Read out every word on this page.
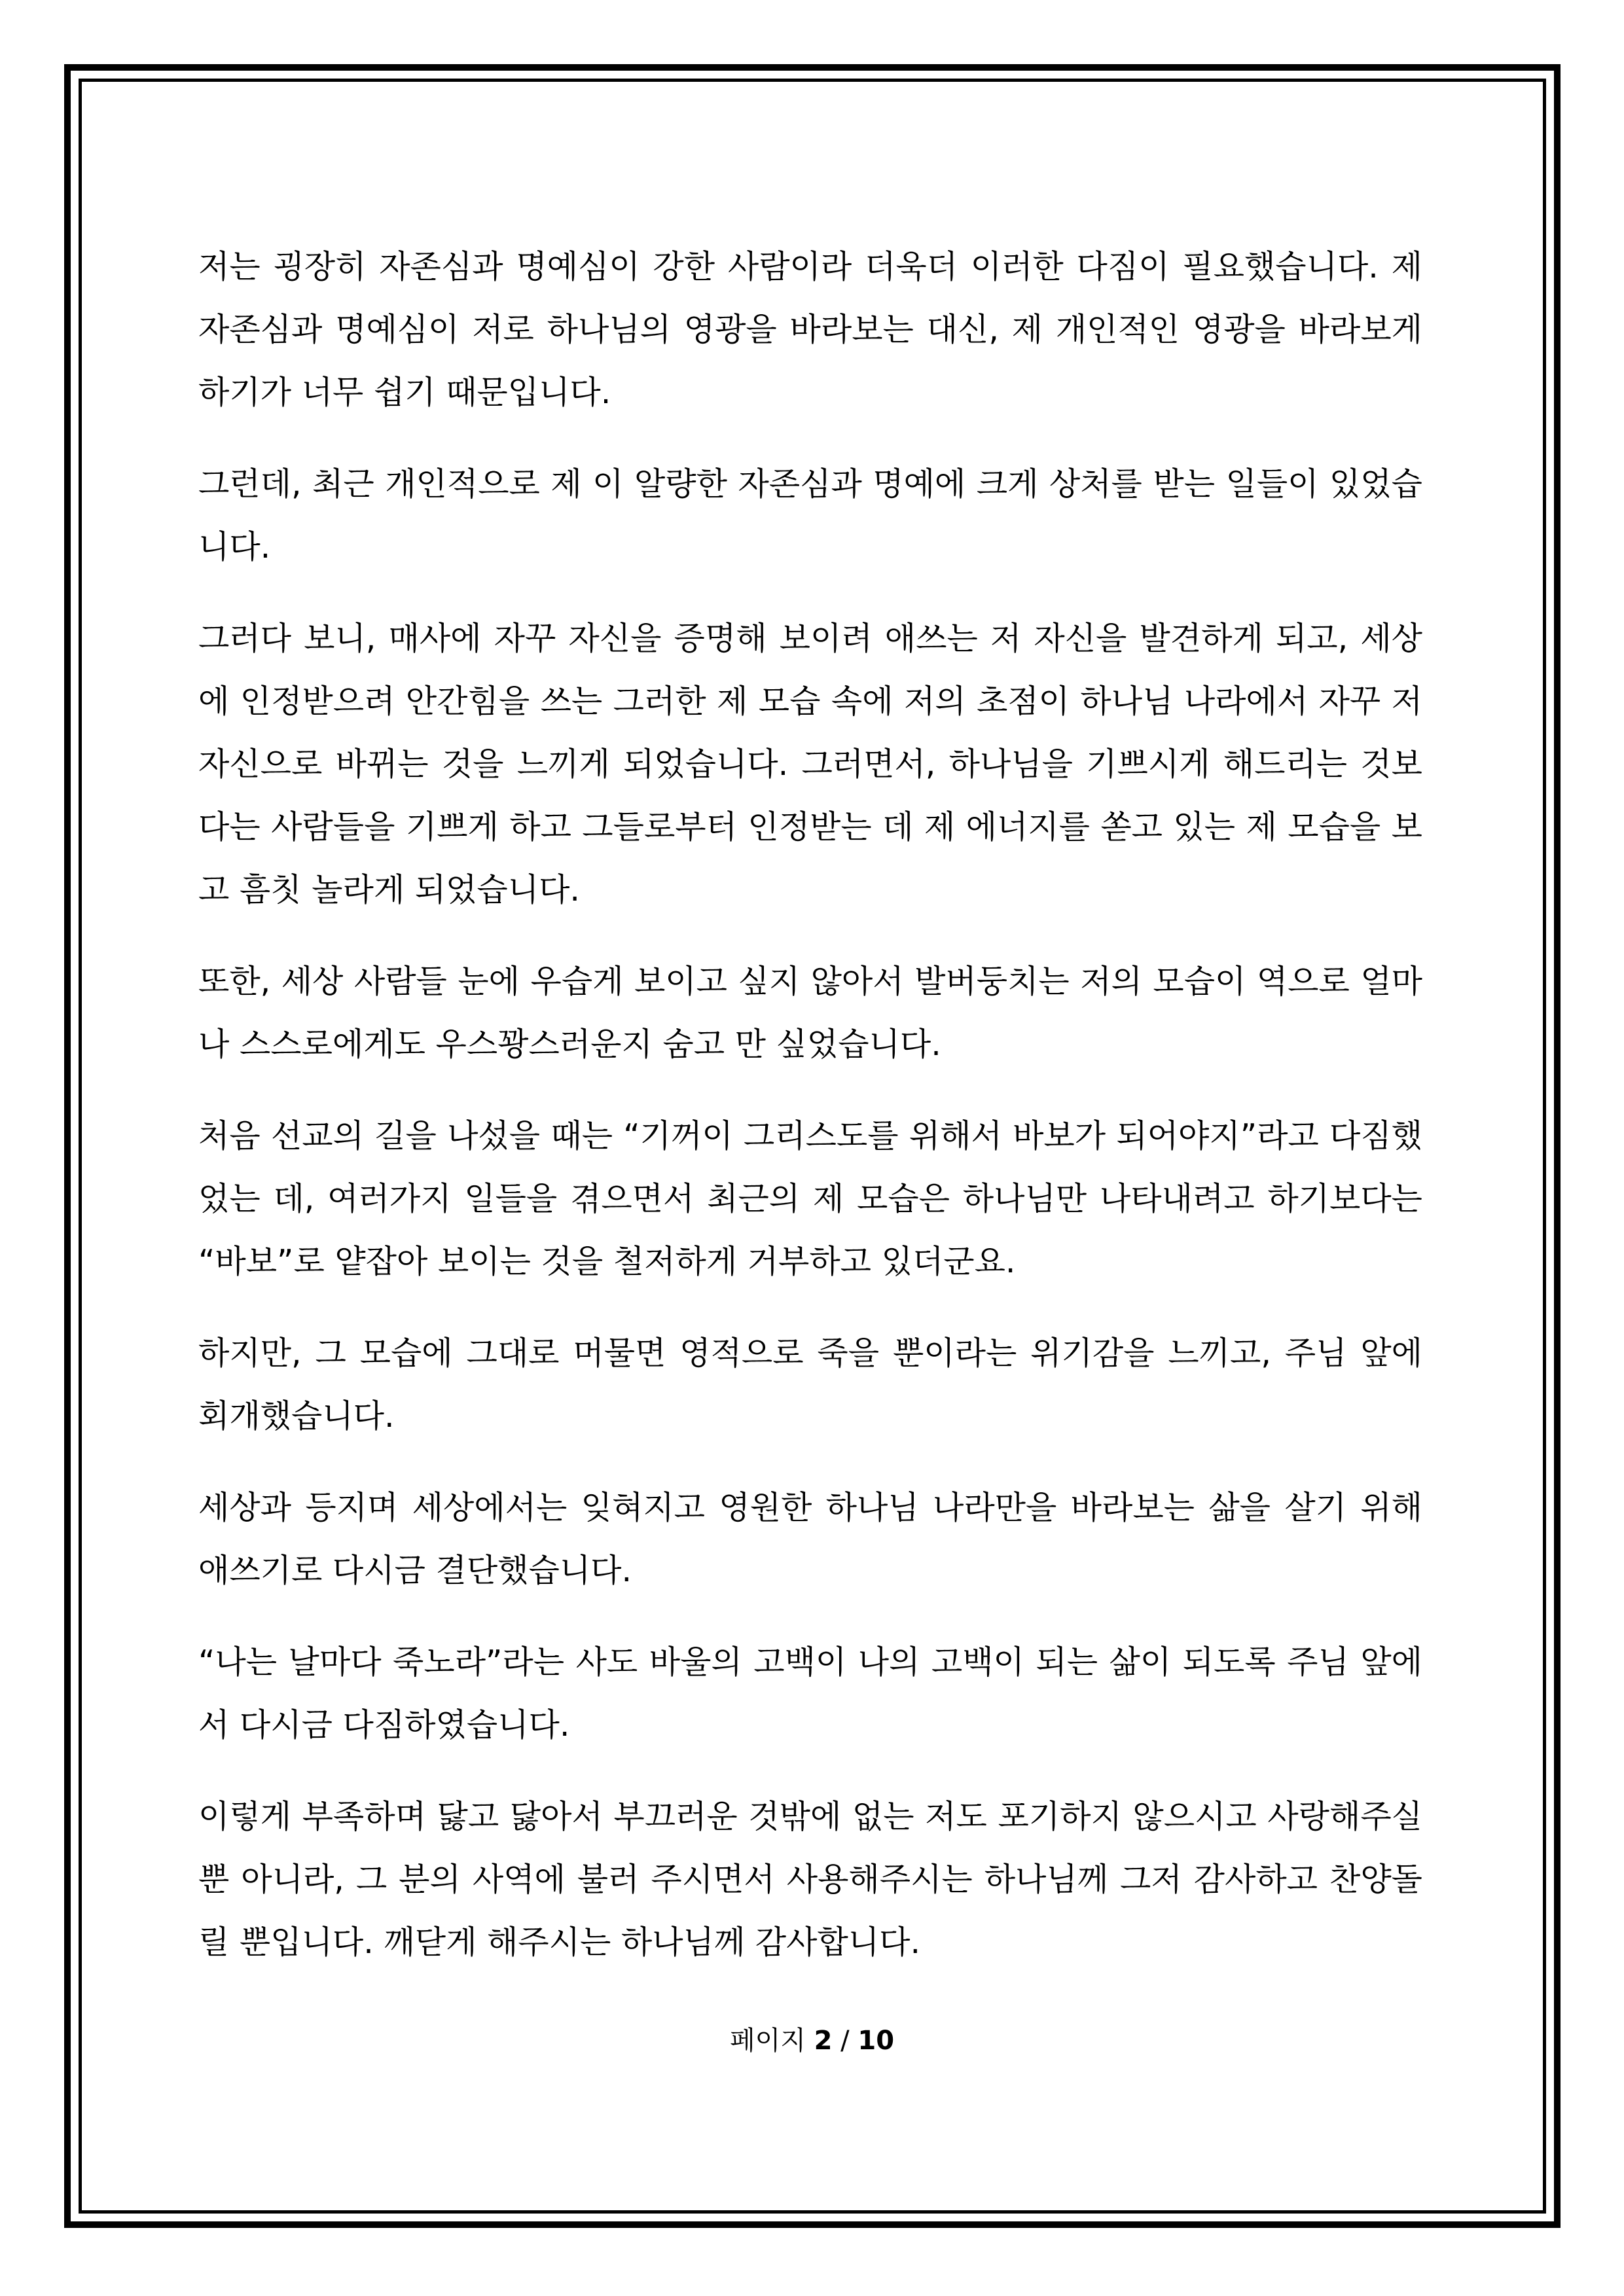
저는 굉장히 자존심과 명예심이 강한 사람이라 더욱더 이러한 다짐이 필요했습니다. 제 자존심과 명예심이 저로 하나님의 영광을 바라보는 대신, 제 개인적인 영광을 바라보게 하기가 너무 쉽기 때문입니다.

그런데, 최근 개인적으로 제 이 알량한 자존심과 명예에 크게 상처를 받는 일들이 있었습니다.

그러다 보니, 매사에 자꾸 자신을 증명해 보이려 애쓰는 저 자신을 발견하게 되고, 세상에 인정받으려 안간힘을 쓰는 그러한 제 모습 속에 저의 초점이 하나님 나라에서 자꾸 저 자신으로 바뀌는 것을 느끼게 되었습니다. 그러면서, 하나님을 기쁘시게 해드리는 것보다는 사람들을 기쁘게 하고 그들로부터 인정받는 데 제 에너지를 쏟고 있는 제 모습을 보고 흠칫 놀라게 되었습니다.

또한, 세상 사람들 눈에 우습게 보이고 싶지 않아서 발버둥치는 저의 모습이 역으로 얼마나 스스로에게도 우스꽝스러운지 숨고 만 싶었습니다.

처음 선교의 길을 나섰을 때는 “기꺼이 그리스도를 위해서 바보가 되어야지”라고 다짐했었는 데, 여러가지 일들을 겪으면서 최근의 제 모습은 하나님만 나타내려고 하기보다는 “바보”로 얕잡아 보이는 것을 철저하게 거부하고 있더군요.

하지만, 그 모습에 그대로 머물면 영적으로 죽을 뿐이라는 위기감을 느끼고, 주님 앞에 회개했습니다.

세상과 등지며 세상에서는 잊혀지고 영원한 하나님 나라만을 바라보는 삶을 살기 위해 애쓰기로 다시금 결단했습니다.

“나는 날마다 죽노라”라는 사도 바울의 고백이 나의 고백이 되는 삶이 되도록 주님 앞에서 다시금 다짐하였습니다.

이렇게 부족하며 닳고 닳아서 부끄러운 것밖에 없는 저도 포기하지 않으시고 사랑해주실 뿐 아니라, 그 분의 사역에 불러 주시면서 사용해주시는 하나님께 그저 감사하고 찬양돌릴 뿐입니다. 깨닫게 해주시는 하나님께 감사합니다.

페이지 2 / 10
